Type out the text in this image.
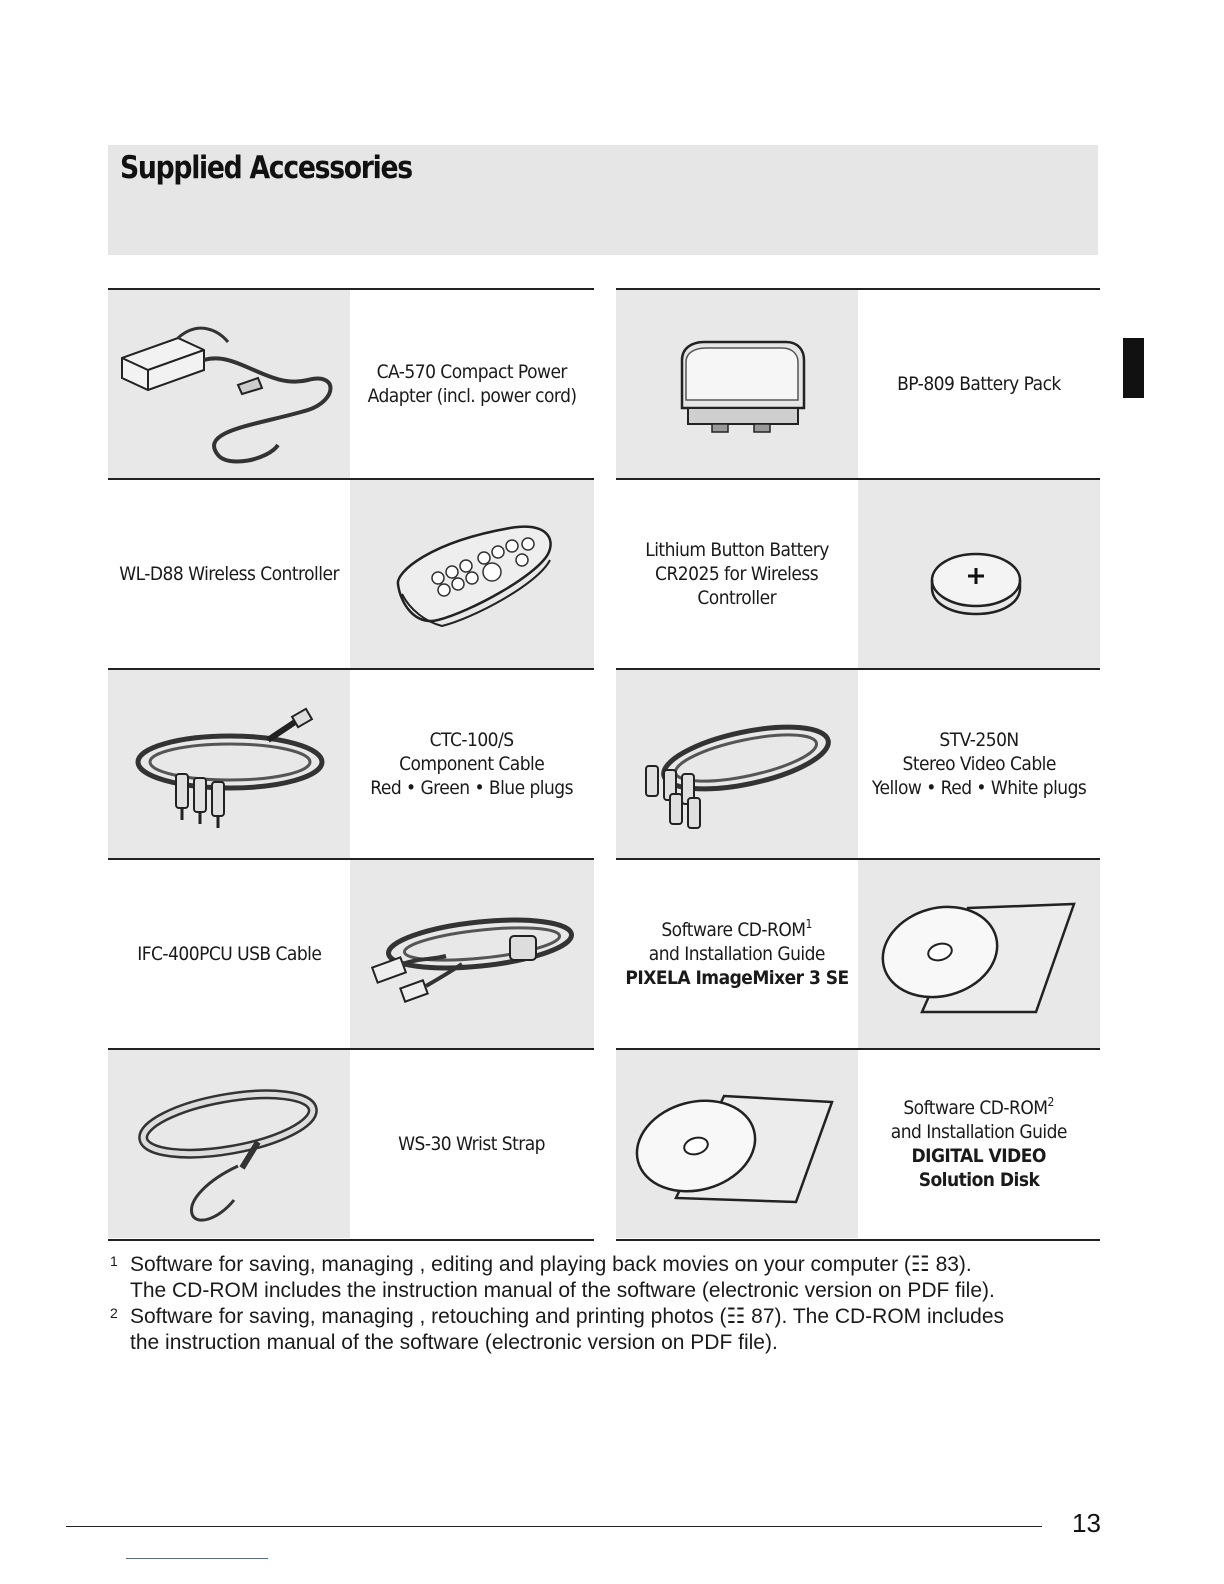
Supplied Accessories
CA-570 Compact Power
Adapter (incl. power cord)
BP-809 Battery Pack
WL-D88 Wireless Controller
Lithium Button Battery
CR2025 for Wireless
Controller
CTC-100/S
Component Cable
Red • Green • Blue plugs
STV-250N
Stereo Video Cable
Yellow • Red • White plugs
IFC-400PCU USB Cable
Software CD-ROM$^1$
and Installation Guide
PIXELA ImageMixer 3 SE
WS-30 Wrist Strap
Software CD-ROM$^2$
and Installation Guide
DIGITAL VIDEO
Solution Disk
1 Software for saving, managing , editing and playing back movies on your computer (☷ 83).
The CD-ROM includes the instruction manual of the software (electronic version on PDF file).
2 Software for saving, managing , retouching and printing photos (☷ 87). The CD-ROM includes
the instruction manual of the software (electronic version on PDF file).
13
